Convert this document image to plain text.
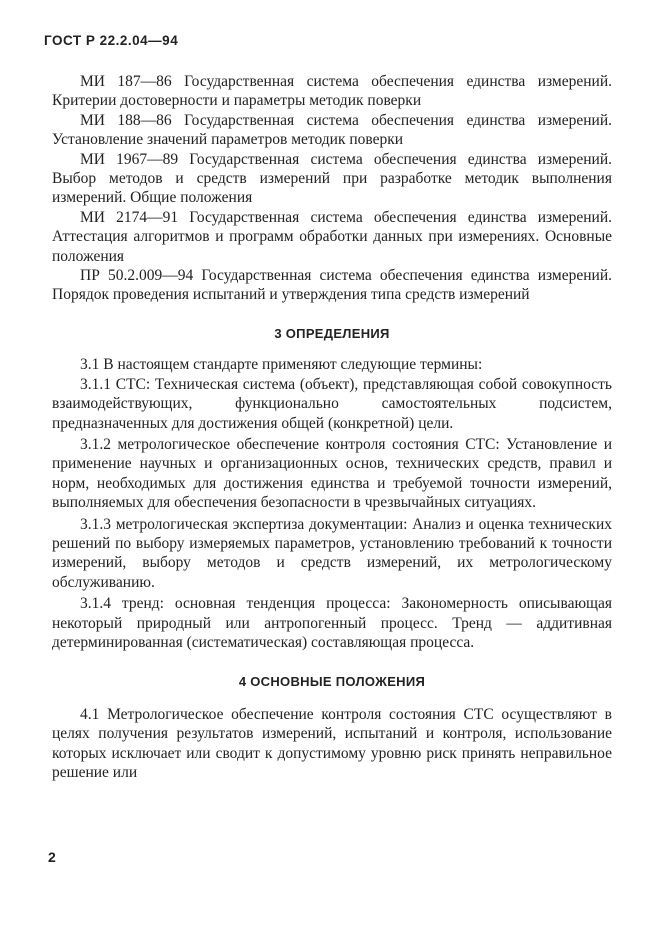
ГОСТ Р 22.2.04—94

МИ 187—86 Государственная система обеспечения единства измерений. Критерии достоверности и параметры методик поверки

МИ 188—86 Государственная система обеспечения единства измерений. Установление значений параметров методик поверки

МИ 1967—89 Государственная система обеспечения единства измерений. Выбор методов и средств измерений при разработке методик выполнения измерений. Общие положения

МИ 2174—91 Государственная система обеспечения единства измерений. Аттестация алгоритмов и программ обработки данных при измерениях. Основные положения

ПР 50.2.009—94 Государственная система обеспечения единства измерений. Порядок проведения испытаний и утверждения типа средств измерений

3 ОПРЕДЕЛЕНИЯ

3.1 В настоящем стандарте применяют следующие термины:

3.1.1 СТС: Техническая система (объект), представляющая собой совокупность взаимодействующих, функционально самостоятельных подсистем, предназначенных для достижения общей (конкретной) цели.

3.1.2 метрологическое обеспечение контроля состояния СТС: Установление и применение научных и организационных основ, технических средств, правил и норм, необходимых для достижения единства и требуемой точности измерений, выполняемых для обеспечения безопасности в чрезвычайных ситуациях.

3.1.3 метрологическая экспертиза документации: Анализ и оценка технических решений по выбору измеряемых параметров, установлению требований к точности измерений, выбору методов и средств измерений, их метрологическому обслуживанию.

3.1.4 тренд: основная тенденция процесса: Закономерность описывающая некоторый природный или антропогенный процесс. Тренд — аддитивная детерминированная (систематическая) составляющая процесса.

4 ОСНОВНЫЕ ПОЛОЖЕНИЯ

4.1 Метрологическое обеспечение контроля состояния СТС осуществляют в целях получения результатов измерений, испытаний и контроля, использование которых исключает или сводит к допустимому уровню риск принять неправильное решение или

2
